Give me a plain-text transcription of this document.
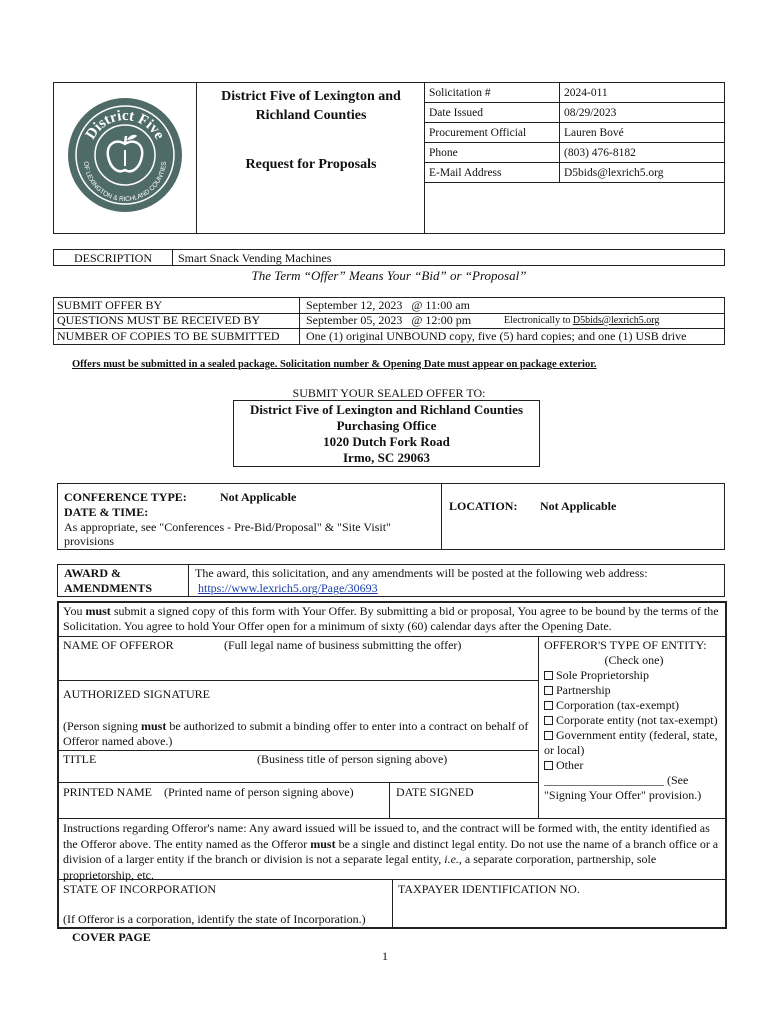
District Five
OF LEXINGTON & RICHLAND COUNTIES
District Five of Lexington and
Richland Counties
Request for Proposals
Solicitation #	2024-011
Date Issued	08/29/2023
Procurement Official	Lauren Bové
Phone	(803) 476-8182
E-Mail Address	D5bids@lexrich5.org
DESCRIPTION	Smart Snack Vending Machines
The Term “Offer” Means Your “Bid” or “Proposal”
SUBMIT OFFER BY	September 12, 2023   @ 11:00 am
QUESTIONS MUST BE RECEIVED BY	September 05, 2023   @ 12:00 pm	Electronically to D5bids@lexrich5.org
NUMBER OF COPIES TO BE SUBMITTED One (1) original UNBOUND copy, five (5) hard copies; and one (1) USB drive
Offers must be submitted in a sealed package. Solicitation number & Opening Date must appear on package exterior.
SUBMIT YOUR SEALED OFFER TO:
District Five of Lexington and Richland Counties
Purchasing Office
1020 Dutch Fork Road
Irmo, SC 29063
CONFERENCE TYPE:	Not Applicable
DATE & TIME:
As appropriate, see "Conferences - Pre-Bid/Proposal" & "Site Visit" provisions
LOCATION: Not Applicable
AWARD &
AMENDMENTS
The award, this solicitation, and any amendments will be posted at the following web address:
https://www.lexrich5.org/Page/30693
You must submit a signed copy of this form with Your Offer. By submitting a bid or proposal, You agree to be bound by the terms of the Solicitation. You agree to hold Your Offer open for a minimum of sixty (60) calendar days after the Opening Date.
NAME OF OFFEROR	(Full legal name of business submitting the offer)
AUTHORIZED SIGNATURE
(Person signing must be authorized to submit a binding offer to enter into a contract on behalf of Offeror named above.)
TITLE	(Business title of person signing above)
PRINTED NAME (Printed name of person signing above)	DATE SIGNED
OFFEROR'S TYPE OF ENTITY:
(Check one)
Sole Proprietorship
Partnership
Corporation (tax-exempt)
Corporate entity (not tax-exempt)
Government entity (federal, state, or local)
Other
____________________ (See
"Signing Your Offer" provision.)
Instructions regarding Offeror's name: Any award issued will be issued to, and the contract will be formed with, the entity identified as the Offeror above. The entity named as the Offeror must be a single and distinct legal entity. Do not use the name of a branch office or a division of a larger entity if the branch or division is not a separate legal entity, i.e., a separate corporation, partnership, sole proprietorship, etc.
STATE OF INCORPORATION
(If Offeror is a corporation, identify the state of Incorporation.)
TAXPAYER IDENTIFICATION NO.
COVER PAGE
1
